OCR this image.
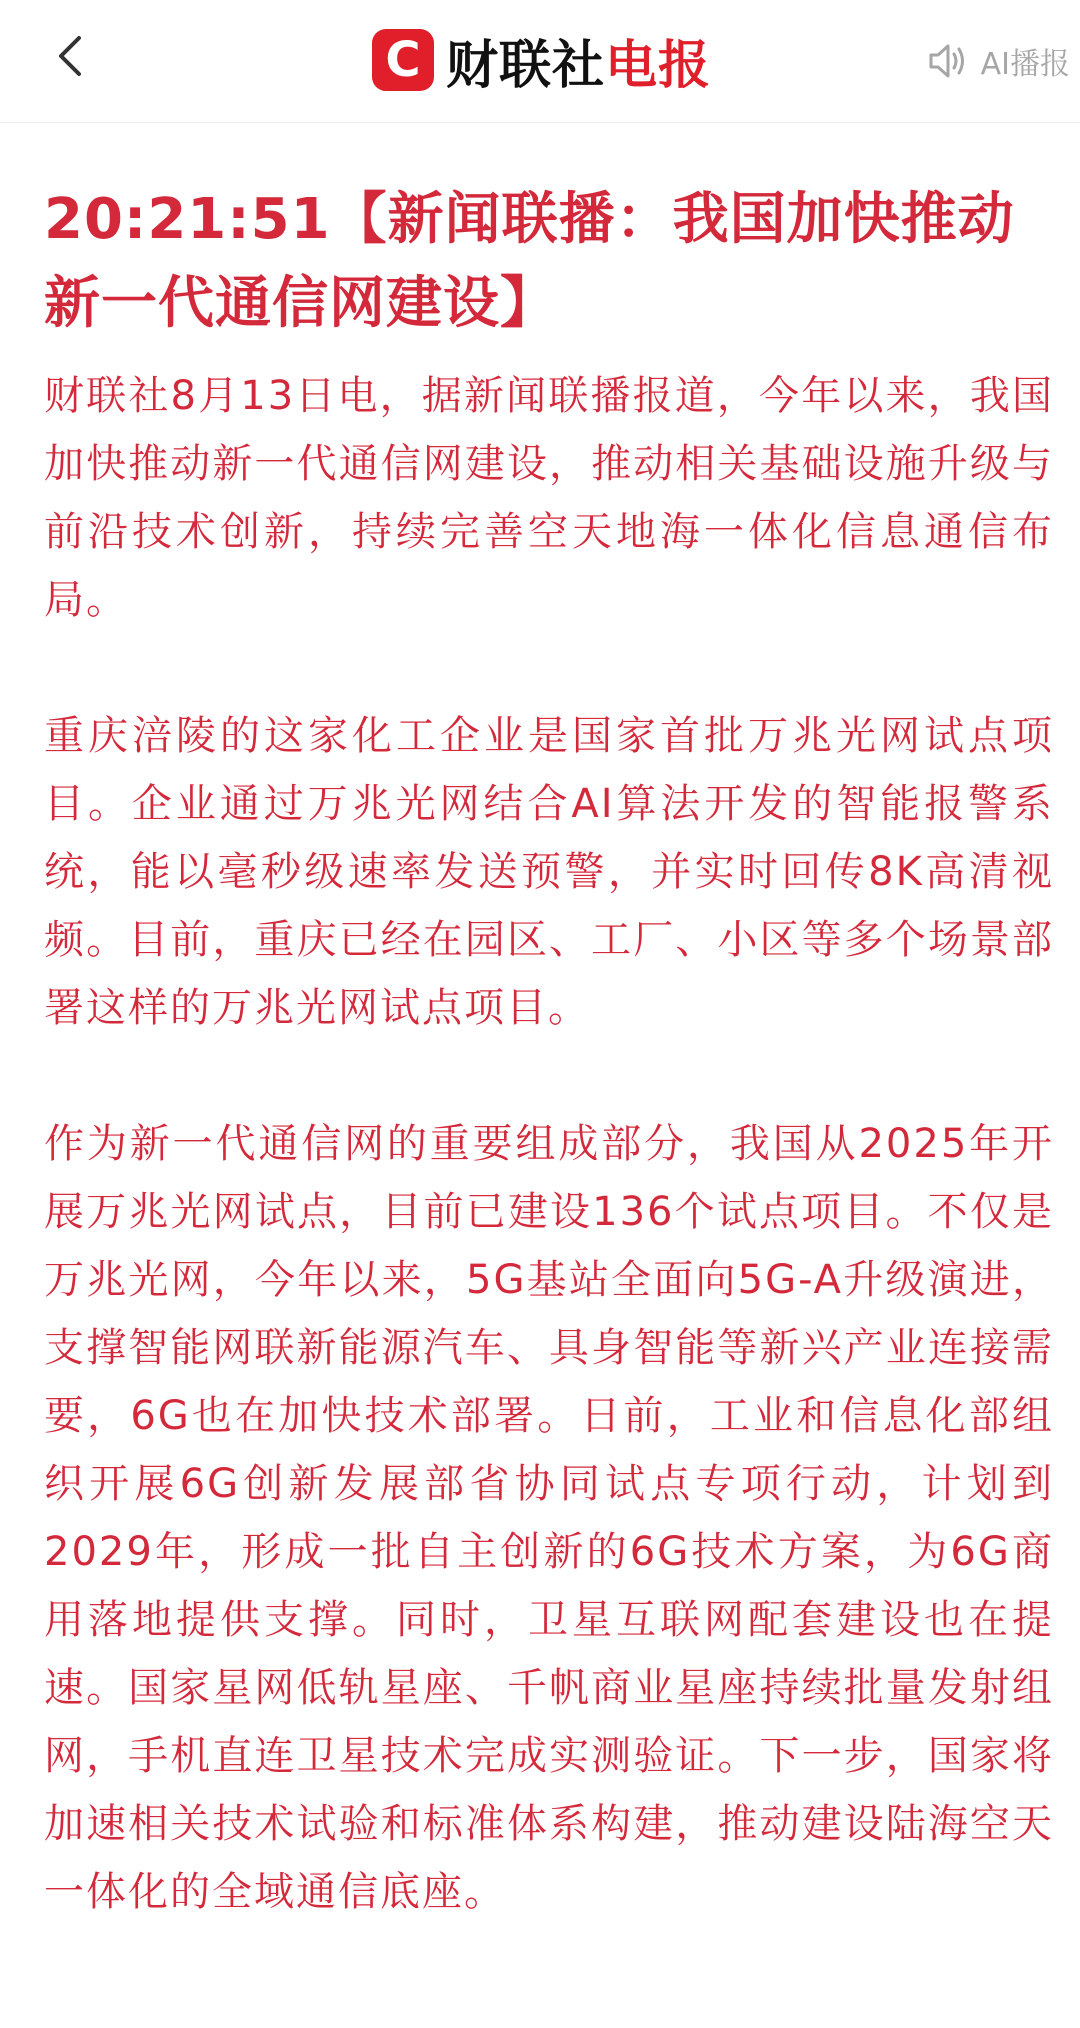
C 财联社 电报	AI播报
20:21:51【新闻联播：我国加快推动新一代通信网建设】

财联社8月13日电，据新闻联播报道，今年以来，我国加快推动新一代通信网建设，推动相关基础设施升级与前沿技术创新，持续完善空天地海一体化信息通信布局。

重庆涪陵的这家化工企业是国家首批万兆光网试点项目。企业通过万兆光网结合AI算法开发的智能报警系统，能以毫秒级速率发送预警，并实时回传8K高清视频。目前，重庆已经在园区、工厂、小区等多个场景部署这样的万兆光网试点项目。

作为新一代通信网的重要组成部分，我国从2025年开展万兆光网试点，目前已建设136个试点项目。不仅是万兆光网，今年以来，5G基站全面向5G-A升级演进，支撑智能网联新能源汽车、具身智能等新兴产业连接需要，6G也在加快技术部署。日前，工业和信息化部组织开展6G创新发展部省协同试点专项行动，计划到2029年，形成一批自主创新的6G技术方案，为6G商用落地提供支撑。同时，卫星互联网配套建设也在提速。国家星网低轨星座、千帆商业星座持续批量发射组网，手机直连卫星技术完成实测验证。下一步，国家将加速相关技术试验和标准体系构建，推动建设陆海空天一体化的全域通信底座。
